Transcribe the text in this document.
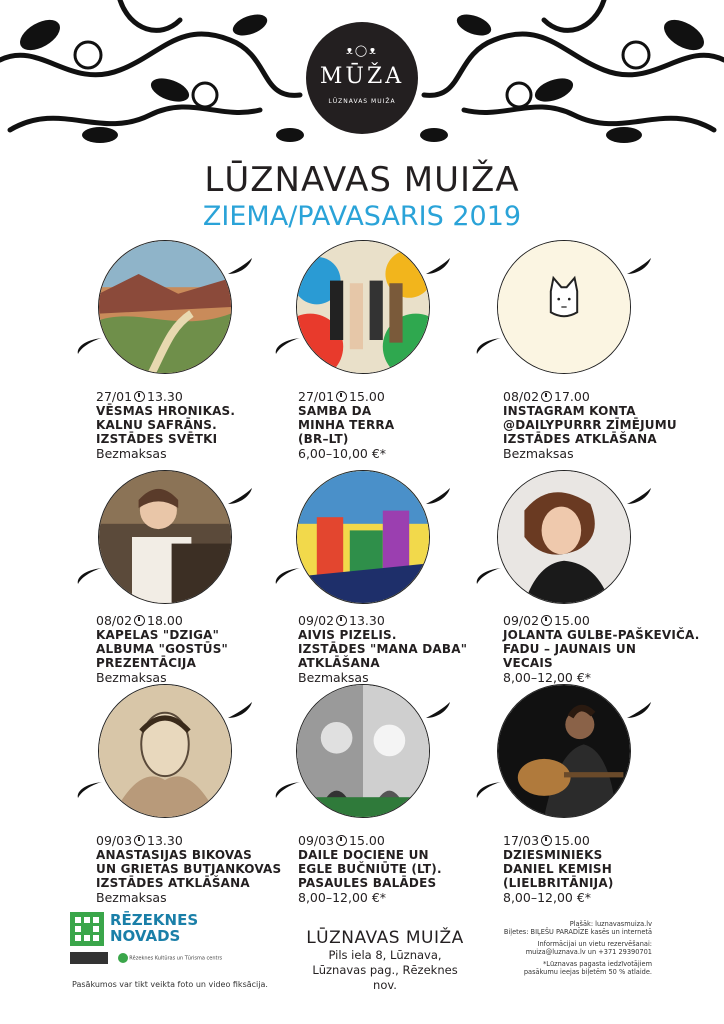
ᴥ◯ᴥ
MŪŽA
LŪZNAVAS MUIŽA
LŪZNAVAS MUIŽA
ZIEMA/PAVASARIS 2019
27/01 13.30
VĒSMAS HRONIKAS.
KALNU SAFRĀNS.
IZSTĀDES SVĒTKI
Bezmaksas
27/01 15.00
SAMBA DA
MINHA TERRA
(BR–LT)
6,00–10,00 €*
08/02 17.00
INSTAGRAM KONTA
@DAILYPURRR ZĪMĒJUMU
IZSTĀDES ATKLĀŠANA
Bezmaksas
08/02 18.00
KAPELAS "DZIGA"
ALBUMA "GOSTŪS"
PREZENTĀCIJA
Bezmaksas
09/02 13.30
AIVIS PIZELIS.
IZSTĀDES "MANA DABA"
ATKLĀŠANA
Bezmaksas
09/02 15.00
JOLANTA GULBE-PAŠKEVIČA.
FADU – JAUNAIS UN
VECAIS
8,00–12,00 €*
09/03 13.30
ANASTASIJAS BIKOVAS
UN GRIETAS BUTJANKOVAS
IZSTĀDES ATKLĀŠANA
Bezmaksas
09/03 15.00
DAILE DOCIENE UN
EGLE BUČNIŪTE (LT).
PASAULES BALĀDES
8,00–12,00 €*
17/03 15.00
DZIESMINIEKS
DANIEL KEMISH
(LIELBRITĀNIJA)
8,00–12,00 €*
RĒZEKNES
NOVADS
Rēzeknes Kultūras un Tūrisma centrs
Pasākumos var tikt veikta foto un video fiksācija.
LŪZNAVAS MUIŽA
Pils iela 8, Lūznava,
Lūznavas pag., Rēzeknes nov.

Plašāk: luznavasmuiza.lv
Biļetes: BIĻEŠU PARADĪZE kasēs un internetā

Informācijai un vietu rezervēšanai:
muiza@luznava.lv un +371 29390701

*Lūznavas pagasta iedzīvotājiem
pasākumu ieejas biļetēm 50 % atlaide.
